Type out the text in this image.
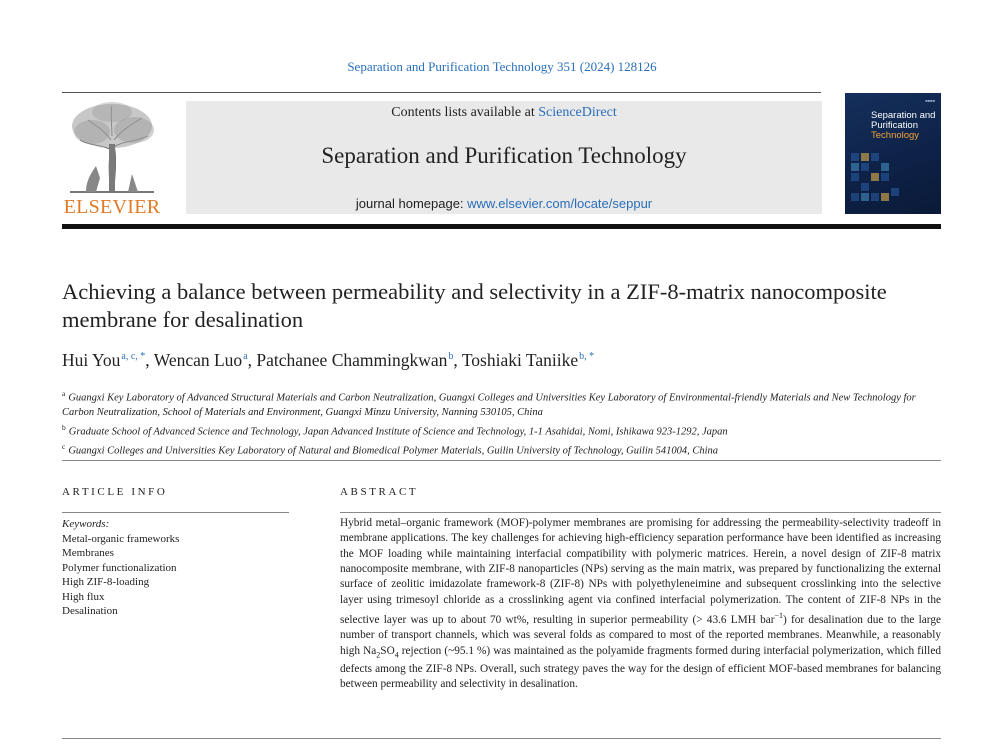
Separation and Purification Technology 351 (2024) 128126
ELSEVIER
Contents lists available at ScienceDirect
Separation and Purification Technology
journal homepage: www.elsevier.com/locate/seppur
■■■■
Separation and
Purification
Technology
Achieving a balance between permeability and selectivity in a ZIF-8-matrix nanocomposite membrane for desalination
Hui You$^{a, c, *}$, Wencan Luo$^a$, Patchanee Chammingkwan$^b$, Toshiaki Taniike$^{b, *}$
$^a$ Guangxi Key Laboratory of Advanced Structural Materials and Carbon Neutralization, Guangxi Colleges and Universities Key Laboratory of Environmental-friendly Materials and New Technology for Carbon Neutralization, School of Materials and Environment, Guangxi Minzu University, Nanning 530105, China
$^b$ Graduate School of Advanced Science and Technology, Japan Advanced Institute of Science and Technology, 1-1 Asahidai, Nomi, Ishikawa 923-1292, Japan
$^c$ Guangxi Colleges and Universities Key Laboratory of Natural and Biomedical Polymer Materials, Guilin University of Technology, Guilin 541004, China
ARTICLE INFO	ABSTRACT
Keywords:
Metal-organic frameworks
Membranes
Polymer functionalization
High ZIF-8-loading
High flux
Desalination
Hybrid metal–organic framework (MOF)-polymer membranes are promising for addressing the permeability-selectivity tradeoff in membrane applications. The key challenges for achieving high-efficiency separation performance have been identified as increasing the MOF loading while maintaining interfacial compatibility with polymeric matrices. Herein, a novel design of ZIF-8 matrix nanocomposite membrane, with ZIF-8 nanoparticles (NPs) serving as the main matrix, was prepared by functionalizing the external surface of zeolitic imidazolate framework-8 (ZIF-8) NPs with polyethyleneimine and subsequent crosslinking into the selective layer using trimesoyl chloride as a crosslinking agent via confined interfacial polymerization. The content of ZIF-8 NPs in the selective layer was up to about 70 wt%, resulting in superior permeability (> 43.6 LMH bar$^{-1}$) for desalination due to the large number of transport channels, which was several folds as compared to most of the reported membranes. Meanwhile, a reasonably high $Na_2SO_4$ rejection (~95.1 %) was maintained as the polyamide fragments formed during interfacial polymerization, which filled defects among the ZIF-8 NPs. Overall, such strategy paves the way for the design of efficient MOF-based membranes for balancing between permeability and selectivity in desalination.
